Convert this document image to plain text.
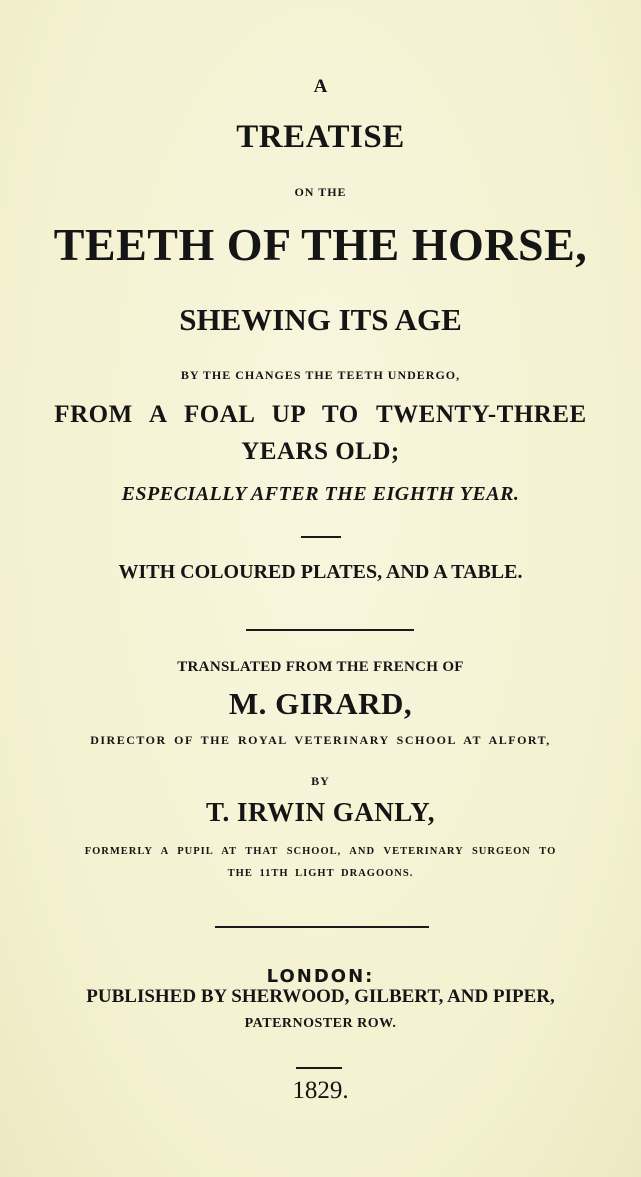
A
TREATISE
ON THE
TEETH OF THE HORSE,
SHEWING ITS AGE
BY THE CHANGES THE TEETH UNDERGO,
FROM A FOAL UP TO TWENTY-THREE
YEARS OLD;
ESPECIALLY AFTER THE EIGHTH YEAR.
WITH COLOURED PLATES, AND A TABLE.
TRANSLATED FROM THE FRENCH OF
M. GIRARD,
DIRECTOR OF THE ROYAL VETERINARY SCHOOL AT ALFORT,
BY
T. IRWIN GANLY,
FORMERLY A PUPIL AT THAT SCHOOL, AND VETERINARY SURGEON TO
THE 11TH LIGHT DRAGOONS.
LONDON:
PUBLISHED BY SHERWOOD, GILBERT, AND PIPER,
PATERNOSTER ROW.
1829.
